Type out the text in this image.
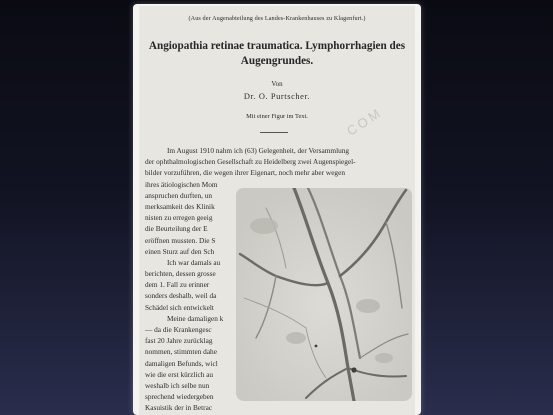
(Aus der Augenabteilung des Landes-Krankenhauses zu Klagenfurt.)
Angiopathia retinae traumatica. Lymphorrhagien des Augengrundes.
Von
Dr. O. Purtscher.
Mit einer Figur im Text.
Im August 1910 nahm ich (63) Gelegenheit, der Versammlung
der ophthalmologischen Gesellschaft zu Heidelberg zwei Augenspiegel-
bilder vorzuführen, die wegen ihrer Eigenart, noch mehr aber wegen
ihres ätiologischen Mom
anspruchen durften, un
merksamkeit des Klinik
nisten zu erregen geeig
die Beurteilung der E
eröffnen mussten. Die S
einen Sturz auf den Sch
Ich war damals au
berichten, dessen grosse
dem 1. Fall zu erinner
sonders deshalb, weil da
Schädel sich entwickelt
Meine damaligen k
— da die Krankengesc
fast 20 Jahre zurücklag
nommen, stimmten dahe
damaligen Befunds, wicl
wie die erst kürzlich au
weshalb ich selbe nun
sprechend wiedergeben
Kasuistik der in Betrac
COM
